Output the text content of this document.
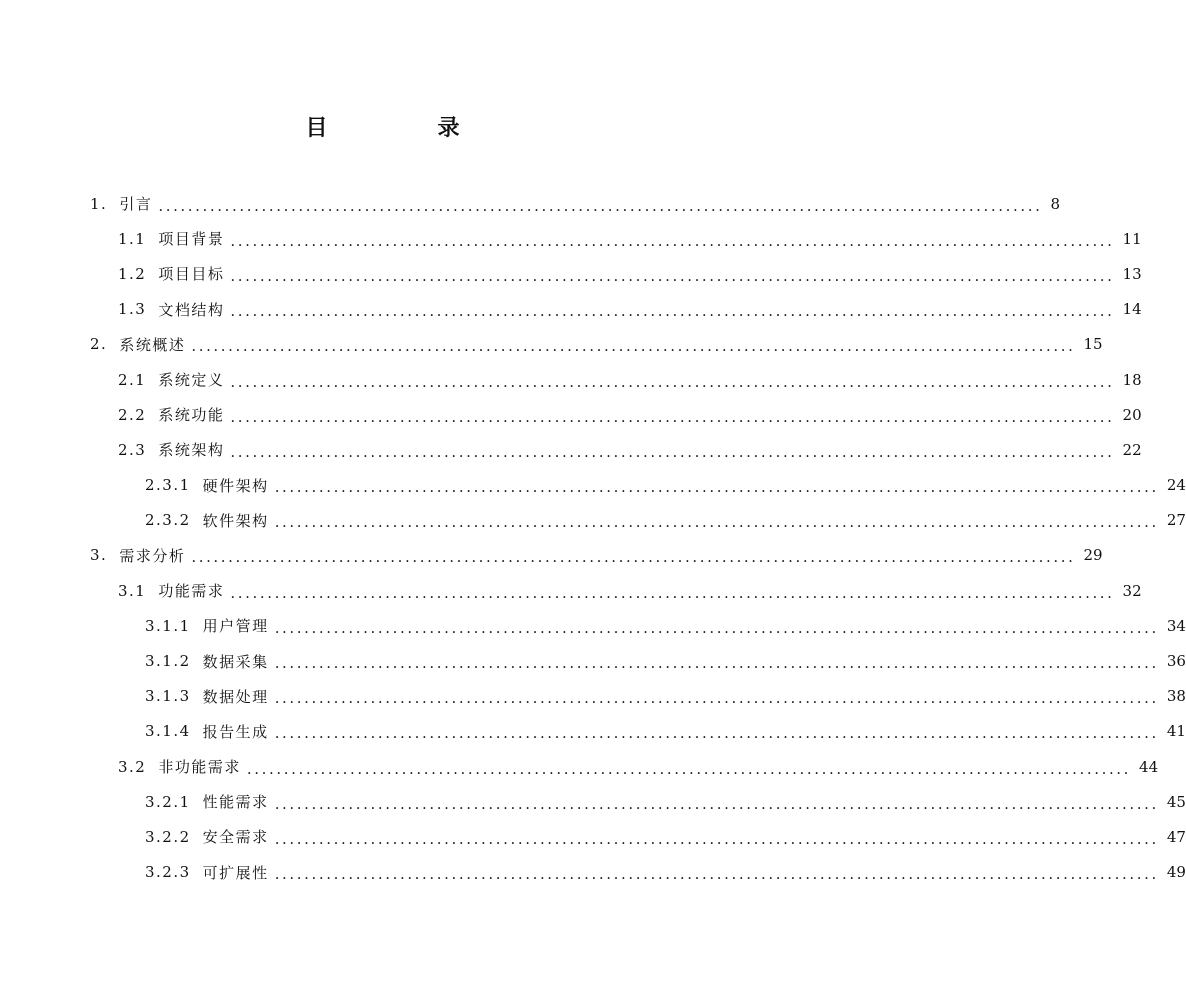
目　录
1. 引言 ........................................................................................................................ 8
1.1 项目背景 ........................................................................................................................ 11
1.2 项目目标 ........................................................................................................................ 13
1.3 文档结构 ........................................................................................................................ 14
2. 系统概述 ........................................................................................................................ 15
2.1 系统定义 ........................................................................................................................ 18
2.2 系统功能 ........................................................................................................................ 20
2.3 系统架构 ........................................................................................................................ 22
2.3.1 硬件架构 ........................................................................................................................ 24
2.3.2 软件架构 ........................................................................................................................ 27
3. 需求分析 ........................................................................................................................ 29
3.1 功能需求 ........................................................................................................................ 32
3.1.1 用户管理 ........................................................................................................................ 34
3.1.2 数据采集 ........................................................................................................................ 36
3.1.3 数据处理 ........................................................................................................................ 38
3.1.4 报告生成 ........................................................................................................................ 41
3.2 非功能需求 ........................................................................................................................ 44
3.2.1 性能需求 ........................................................................................................................ 45
3.2.2 安全需求 ........................................................................................................................ 47
3.2.3 可扩展性 ........................................................................................................................ 49
